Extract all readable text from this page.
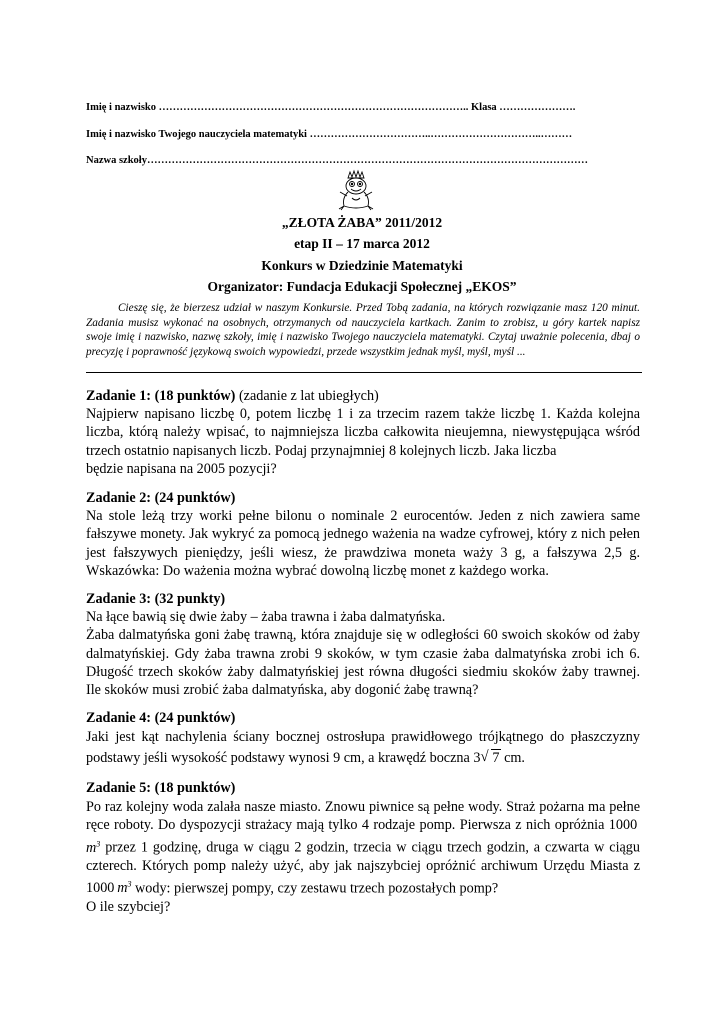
Imię i nazwisko …………………………………………………………………………….. Klasa ………………….
Imię i nazwisko Twojego nauczyciela matematyki ……………………………..…………………………..………
Nazwa szkoły………………………………………………………………………………………………………………
„ZŁOTA ŻABA” 2011/2012
etap II – 17 marca 2012
Konkurs w Dziedzinie Matematyki
Organizator: Fundacja Edukacji Społecznej „EKOS”
Cieszę się, że bierzesz udział w naszym Konkursie. Przed Tobą zadania, na których rozwiązanie masz 120 minut. Zadania musisz wykonać na osobnych, otrzymanych od nauczyciela kartkach. Zanim to zrobisz, u góry kartek napisz swoje imię i nazwisko, nazwę szkoły, imię i nazwisko Twojego nauczyciela matematyki. Czytaj uważnie polecenia, dbaj o precyzję i poprawność językową swoich wypowiedzi, przede wszystkim jednak myśl, myśl, myśl ...

Zadanie 1: (18 punktów) (zadanie z lat ubiegłych)

Najpierw napisano liczbę 0, potem liczbę 1 i za trzecim razem także liczbę 1. Każda kolejna liczba, którą należy wpisać, to najmniejsza liczba całkowita nieujemna, niewystępująca wśród trzech ostatnio napisanych liczb. Podaj przynajmniej 8 kolejnych liczb. Jaka liczba

będzie napisana na 2005 pozycji?

Zadanie 2: (24 punktów)

Na stole leżą trzy worki pełne bilonu o nominale 2 eurocentów. Jeden z nich zawiera same fałszywe monety. Jak wykryć za pomocą jednego ważenia na wadze cyfrowej, który z nich pełen jest fałszywych pieniędzy, jeśli wiesz, że prawdziwa moneta waży 3 g, a fałszywa 2,5 g. Wskazówka: Do ważenia można wybrać dowolną liczbę monet z każdego worka.

Zadanie 3: (32 punkty)

Na łące bawią się dwie żaby – żaba trawna i żaba dalmatyńska.

Żaba dalmatyńska goni żabę trawną, która znajduje się w odległości 60 swoich skoków od żaby dalmatyńskiej. Gdy żaba trawna zrobi 9 skoków, w tym czasie żaba dalmatyńska zrobi ich 6. Długość trzech skoków żaby dalmatyńskiej jest równa długości siedmiu skoków żaby trawnej. Ile skoków musi zrobić żaba dalmatyńska, aby dogonić żabę trawną?

Zadanie 4: (24 punktów)

Jaki jest kąt nachylenia ściany bocznej ostrosłupa prawidłowego trójkątnego do płaszczyzny podstawy jeśli wysokość podstawy wynosi 9 cm, a krawędź boczna 3 √ 7 cm.

Zadanie 5: (18 punktów)

Po raz kolejny woda zalała nasze miasto. Znowu piwnice są pełne wody. Straż pożarna ma pełne ręce roboty. Do dyspozycji strażacy mają tylko 4 rodzaje pomp. Pierwsza z nich opróżnia 1000 $m^3$ przez 1 godzinę, druga w ciągu 2 godzin, trzecia w ciągu trzech godzin, a czwarta w ciągu czterech. Których pomp należy użyć, aby jak najszybciej opróżnić archiwum Urzędu Miasta z 1000  $m^3$ wody: pierwszej pompy, czy zestawu trzech pozostałych pomp?

O ile szybciej?
